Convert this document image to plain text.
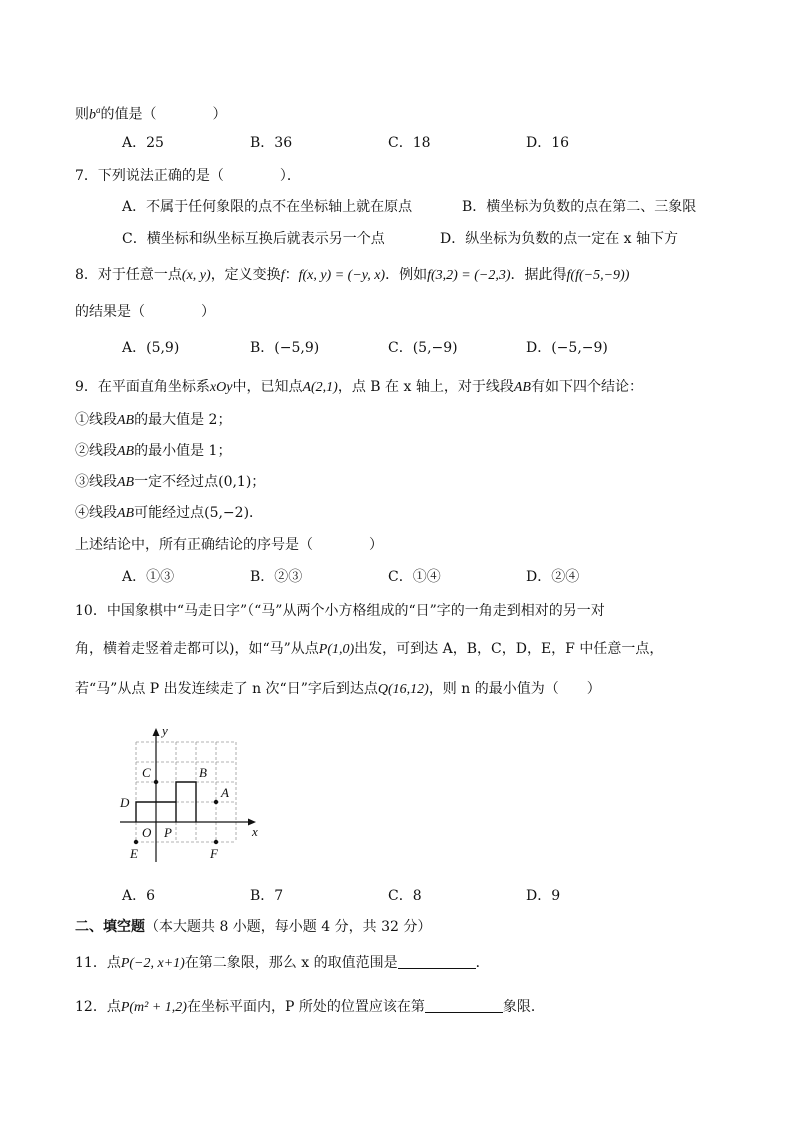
则$b^a$的值是（　　　　）
A．25	B．36	C．18	D．16
7．下列说法正确的是（　　　　）．
A．不属于任何象限的点不在坐标轴上就在原点	B．横坐标为负数的点在第二、三象限
C．横坐标和纵坐标互换后就表示另一个点	D．纵坐标为负数的点一定在 x 轴下方
8．对于任意一点(x, y)，定义变换f：f(x, y) = (−y, x)．例如f(3,2) = (−2,3)．据此得f(f(−5,−9))
的结果是（　　　　）
A．(5,9)	B．(−5,9)	C．(5,−9)	D．(−5,−9)
9．在平面直角坐标系xOy中，已知点A(2,1)，点 B 在 x 轴上，对于线段AB有如下四个结论：
①线段AB的最大值是 2；
②线段AB的最小值是 1；
③线段AB一定不经过点(0,1)；
④线段AB可能经过点(5,−2)．
上述结论中，所有正确结论的序号是（　　　　）
A．①③	B．②③	C．①④	D．②④
10．中国象棋中“马走日字”（“马”从两个小方格组成的“日”字的一角走到相对的另一对
角，横着走竖着走都可以)，如“马”从点P(1,0)出发，可到达 A，B，C，D，E，F 中任意一点，
若“马”从点 P 出发连续走了 n 次“日”字后到达点Q(16,12)，则 n 的最小值为（　　）
y
x
O P
A
B
C
D
E	F
A．6	B．7	C．8	D．9
二、填空题（本大题共 8 小题，每小题 4 分，共 32 分）
11．点P(−2, x+1)在第二象限，那么 x 的取值范围是	．
12．点P(m² + 1,2)在坐标平面内，P 所处的位置应该在第	象限．
